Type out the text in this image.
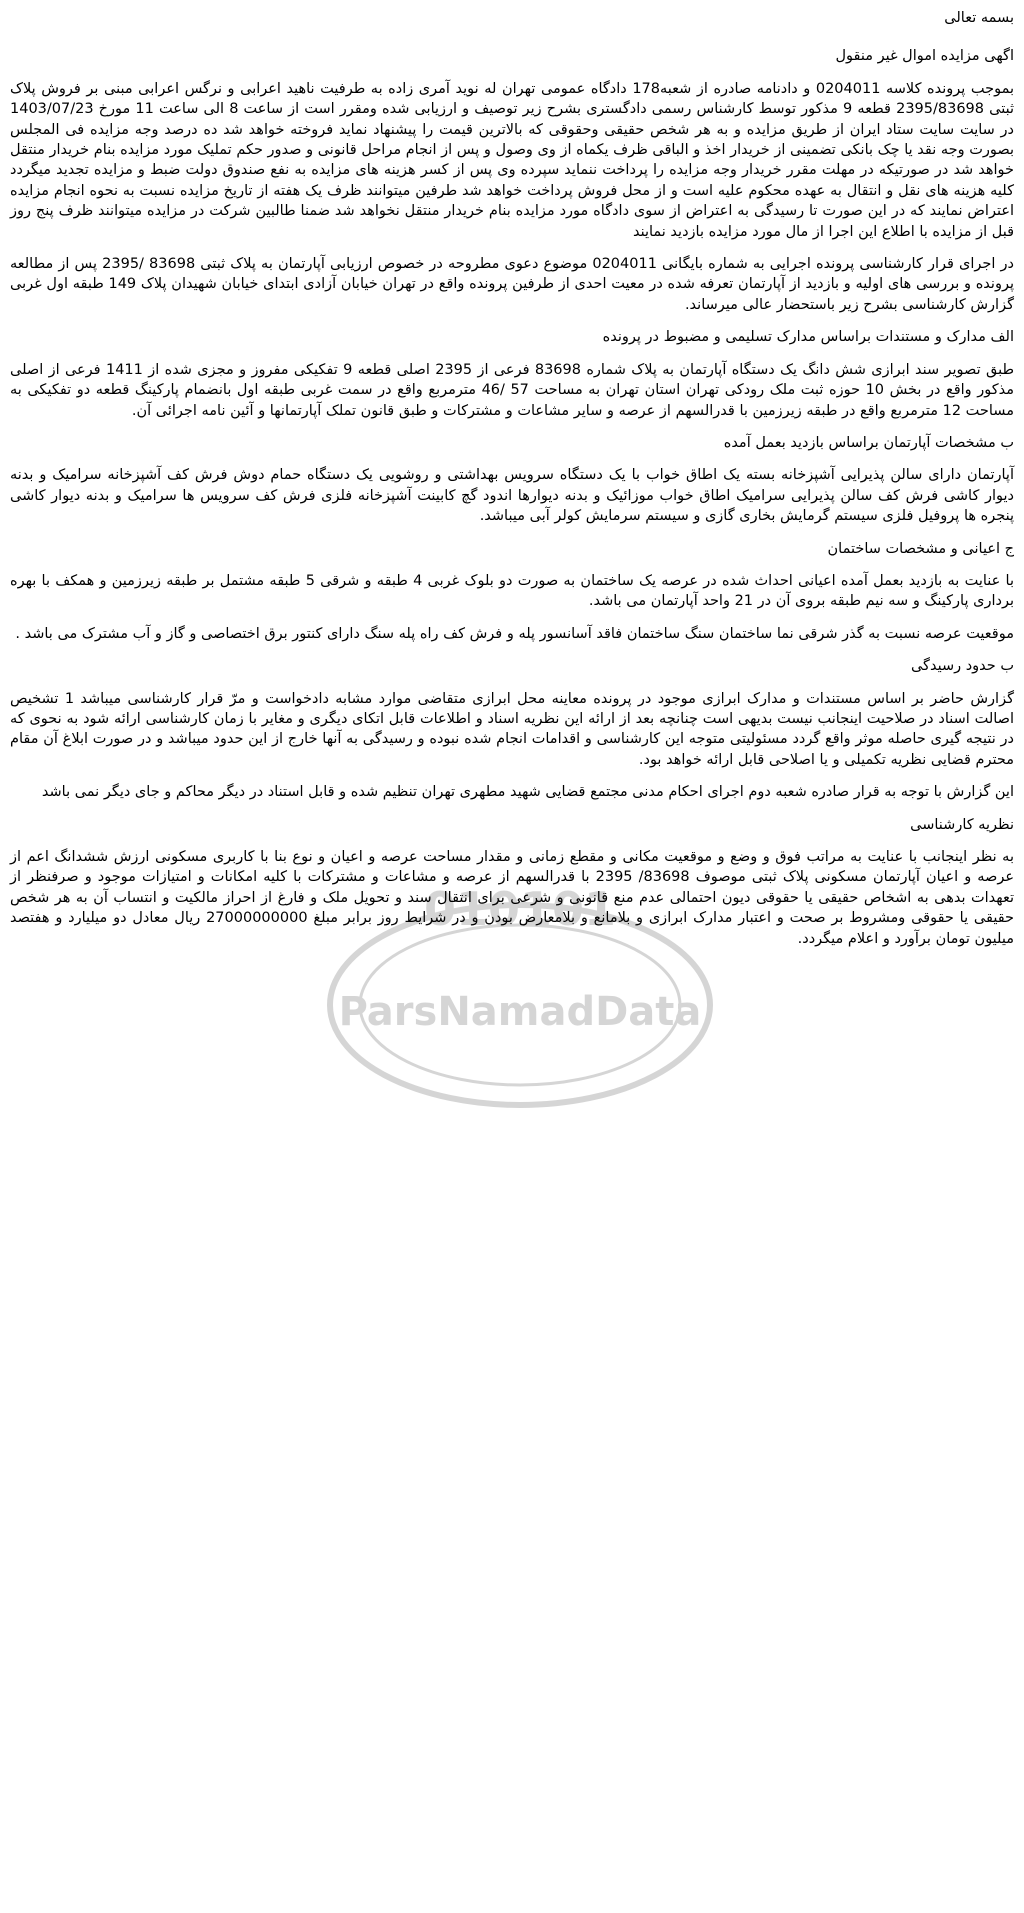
010101
ParsNamadData

بسمه تعالی

اگهی مزایده اموال غیر منقول

بموجب پرونده کلاسه 0204011 و دادنامه صادره از شعبه178 دادگاه عمومی تهران له نوید آمری زاده به طرفیت ناهید اعرابی و نرگس اعرابی مبنی بر فروش پلاک ثبتی 2395/83698 قطعه 9 مذکور توسط کارشناس رسمی دادگستری بشرح زیر توصیف و ارزیابی شده ومقرر است از ساعت 8 الی ساعت 11 مورخ 1403/07/23 در سایت سایت ستاد ایران از طریق مزایده و به هر شخص حقیقی وحقوقی که بالاترین قیمت را پیشنهاد نماید فروخته خواهد شد ده درصد وجه مزایده فی المجلس بصورت وجه نقد یا چک بانکی تضمینی از خریدار اخذ و الباقی ظرف یکماه از وی وصول و پس از انجام مراحل قانونی و صدور حکم تملیک مورد مزایده بنام خریدار منتقل خواهد شد در صورتیکه در مهلت مقرر خریدار وجه مزایده را پرداخت ننماید سپرده وی پس از کسر هزینه های مزایده به نفع صندوق دولت ضبط و مزایده تجدید میگردد کلیه هزینه های نقل و انتقال به عهده محکوم علیه است و از محل فروش پرداخت خواهد شد طرفین میتوانند ظرف یک هفته از تاریخ مزایده نسبت به نحوه انجام مزایده اعتراض نمایند که در این صورت تا رسیدگی به اعتراض از سوی دادگاه مورد مزایده بنام خریدار منتقل نخواهد شد ضمنا طالبین شرکت در مزایده میتوانند ظرف پنج روز قبل از مزایده با اطلاع این اجرا از مال مورد مزایده بازدید نمایند

در اجرای قرار کارشناسی پرونده اجرایی به شماره بایگانی 0204011 موضوع دعوی مطروحه در خصوص ارزیابی آپارتمان به پلاک ثبتی 83698 /2395 پس از مطالعه پرونده و بررسی های اولیه و بازدید از آپارتمان تعرفه شده در معیت احدی از طرفین پرونده واقع در تهران خیابان آزادی ابتدای خیابان شهیدان پلاک 149 طبقه اول غربی گزارش کارشناسی بشرح زیر باستحضار عالی میرساند.

الف مدارک و مستندات براساس مدارک تسلیمی و مضبوط در پرونده

طبق تصویر سند ابرازی شش دانگ یک دستگاه آپارتمان به پلاک شماره 83698 فرعی از 2395 اصلی قطعه 9 تفکیکی مفروز و مجزی شده از 1411 فرعی از اصلی مذکور واقع در بخش 10 حوزه ثبت ملک رودکی تهران استان تهران به مساحت 57 /46 مترمربع واقع در سمت غربی طبقه اول بانضمام پارکینگ قطعه دو تفکیکی به مساحت 12 مترمربع واقع در طبقه زیرزمین با قدرالسهم از عرصه و سایر مشاعات و مشترکات و طبق قانون تملک آپارتمانها و آئین نامه اجرائی آن.

ب مشخصات آپارتمان براساس بازدید بعمل آمده

آپارتمان دارای سالن پذیرایی آشپزخانه بسته یک اطاق خواب با یک دستگاه سرویس بهداشتی و روشویی یک دستگاه حمام دوش فرش کف آشپزخانه سرامیک و بدنه دیوار کاشی فرش کف سالن پذیرایی سرامیک اطاق خواب موزائیک و بدنه دیوارها اندود گچ کابینت آشپزخانه فلزی فرش کف سرویس ها سرامیک و بدنه دیوار کاشی پنجره ها پروفیل فلزی سیستم گرمایش بخاری گازی و سیستم سرمایش کولر آبی میباشد.

ج اعیانی و مشخصات ساختمان

با عنایت به بازدید بعمل آمده اعیانی احداث شده در عرصه یک ساختمان به صورت دو بلوک غربی 4 طبقه و شرقی 5 طبقه مشتمل بر طبقه زیرزمین و همکف با بهره برداری پارکینگ و سه نیم طبقه بروی آن در 21 واحد آپارتمان می باشد.

موقعیت عرصه نسبت به گذر شرقی نما ساختمان سنگ ساختمان فاقد آسانسور پله و فرش کف راه پله سنگ دارای کنتور برق اختصاصی و گاز و آب مشترک می باشد .

ب حدود رسیدگی

گزارش حاضر بر اساس مستندات و مدارک ابرازی موجود در پرونده معاینه محل ابرازی متقاضی موارد مشابه دادخواست و مرّ قرار کارشناسی میباشد 1 تشخیص اصالت اسناد در صلاحیت اینجانب نیست بدیهی است چنانچه بعد از ارائه این نظریه اسناد و اطلاعات قابل اتکای دیگری و مغایر با زمان کارشناسی ارائه شود به نحوی که در نتیجه گیری حاصله موثر واقع گردد مسئولیتی متوجه این کارشناسی و اقدامات انجام شده نبوده و رسیدگی به آنها خارج از این حدود میباشد و در صورت ابلاغ آن مقام محترم قضایی نظریه تکمیلی و یا اصلاحی قابل ارائه خواهد بود.

این گزارش با توجه به قرار صادره شعبه دوم اجرای احکام مدنی مجتمع قضایی شهید مطهری تهران تنظیم شده و قابل استناد در دیگر محاکم و جای دیگر نمی باشد

نظریه کارشناسی

به نظر اینجانب با عنایت به مراتب فوق و وضع و موقعیت مکانی و مقطع زمانی و مقدار مساحت عرصه و اعیان و نوع بنا با کاربری مسکونی ارزش ششدانگ اعم از عرصه و اعیان آپارتمان مسکونی پلاک ثبتی موصوف 83698/ 2395 با قدرالسهم از عرصه و مشاعات و مشترکات با کلیه امکانات و امتیازات موجود و صرفنظر از تعهدات بدهی به اشخاص حقیقی یا حقوقی دیون احتمالی عدم منع قانونی و شرعی برای انتقال سند و تحویل ملک و فارغ از احراز مالکیت و انتساب آن به هر شخص حقیقی یا حقوقی ومشروط بر صحت و اعتبار مدارک ابرازی و بلامانع و بلامعارض بودن و در شرایط روز برابر مبلغ 27000000000 ریال معادل دو میلیارد و هفتصد میلیون تومان برآورد و اعلام میگردد.
